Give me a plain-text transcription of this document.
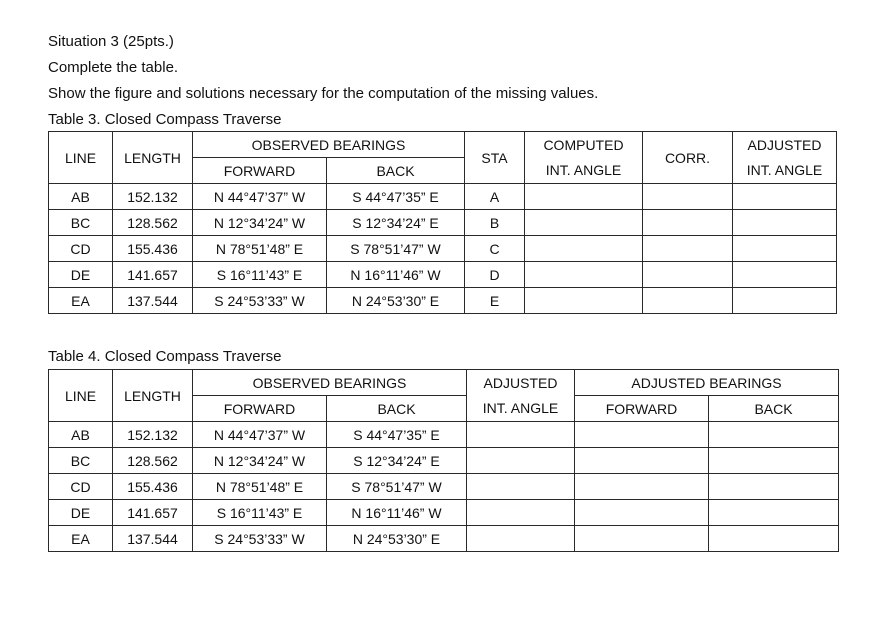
Situation 3 (25pts.)
Complete the table.
Show the figure and solutions necessary for the computation of the missing values.
Table 3. Closed Compass Traverse
LINE	LENGTH	OBSERVED BEARINGS		STA	COMPUTED	CORR.	ADJUSTED
		FORWARD	BACK		INT. ANGLE		INT. ANGLE
AB	152.132	N 44°47’37” W	S 44°47’35” E	A			
BC	128.562	N 12°34’24” W	S 12°34’24” E	B			
CD	155.436	N 78°51’48” E	S 78°51’47” W	C			
DE	141.657	S 16°11’43” E	N 16°11’46” W	D			
EA	137.544	S 24°53’33” W	N 24°53’30” E	E			
Table 4. Closed Compass Traverse
LINE	LENGTH	OBSERVED BEARINGS		ADJUSTED	ADJUSTED BEARINGS	
		FORWARD	BACK	INT. ANGLE	FORWARD	BACK
AB	152.132	N 44°47’37” W	S 44°47’35” E			
BC	128.562	N 12°34’24” W	S 12°34’24” E			
CD	155.436	N 78°51’48” E	S 78°51’47” W			
DE	141.657	S 16°11’43” E	N 16°11’46” W			
EA	137.544	S 24°53’33” W	N 24°53’30” E			
